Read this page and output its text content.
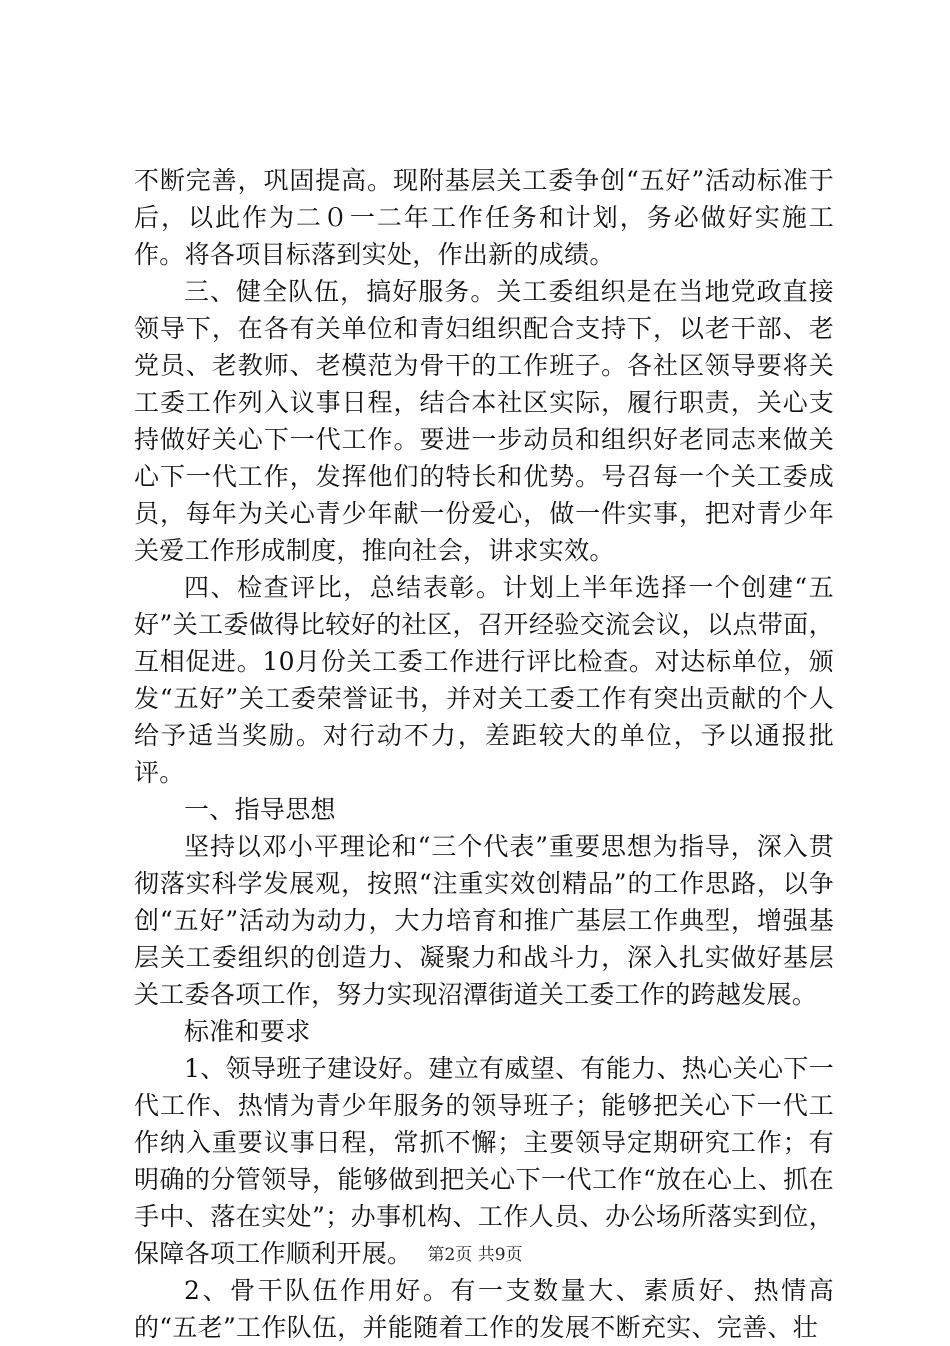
不断完善，巩固提高。现附基层关工委争创“五好”活动标准于后，以此作为二０一二年工作任务和计划，务必做好实施工作。将各项目标落到实处，作出新的成绩。

三、健全队伍，搞好服务。关工委组织是在当地党政直接领导下，在各有关单位和青妇组织配合支持下，以老干部、老党员、老教师、老模范为骨干的工作班子。各社区领导要将关工委工作列入议事日程，结合本社区实际，履行职责，关心支持做好关心下一代工作。要进一步动员和组织好老同志来做关心下一代工作，发挥他们的特长和优势。号召每一个关工委成员，每年为关心青少年献一份爱心，做一件实事，把对青少年关爱工作形成制度，推向社会，讲求实效。

四、检查评比，总结表彰。计划上半年选择一个创建“五好”关工委做得比较好的社区，召开经验交流会议，以点带面，互相促进。10月份关工委工作进行评比检查。对达标单位，颁发“五好”关工委荣誉证书，并对关工委工作有突出贡献的个人给予适当奖励。对行动不力，差距较大的单位，予以通报批评。

一、指导思想

坚持以邓小平理论和“三个代表”重要思想为指导，深入贯彻落实科学发展观，按照“注重实效创精品”的工作思路，以争创“五好”活动为动力，大力培育和推广基层工作典型，增强基层关工委组织的创造力、凝聚力和战斗力，深入扎实做好基层关工委各项工作，努力实现沼潭街道关工委工作的跨越发展。

标准和要求

1、领导班子建设好。建立有威望、有能力、热心关心下一代工作、热情为青少年服务的领导班子；能够把关心下一代工作纳入重要议事日程，常抓不懈；主要领导定期研究工作；有明确的分管领导，能够做到把关心下一代工作“放在心上、抓在手中、落在实处”；办事机构、工作人员、办公场所落实到位，保障各项工作顺利开展。

2、骨干队伍作用好。有一支数量大、素质好、热情高的“五老”工作队伍，并能随着工作的发展不断充实、完善、壮

第2页 共9页
